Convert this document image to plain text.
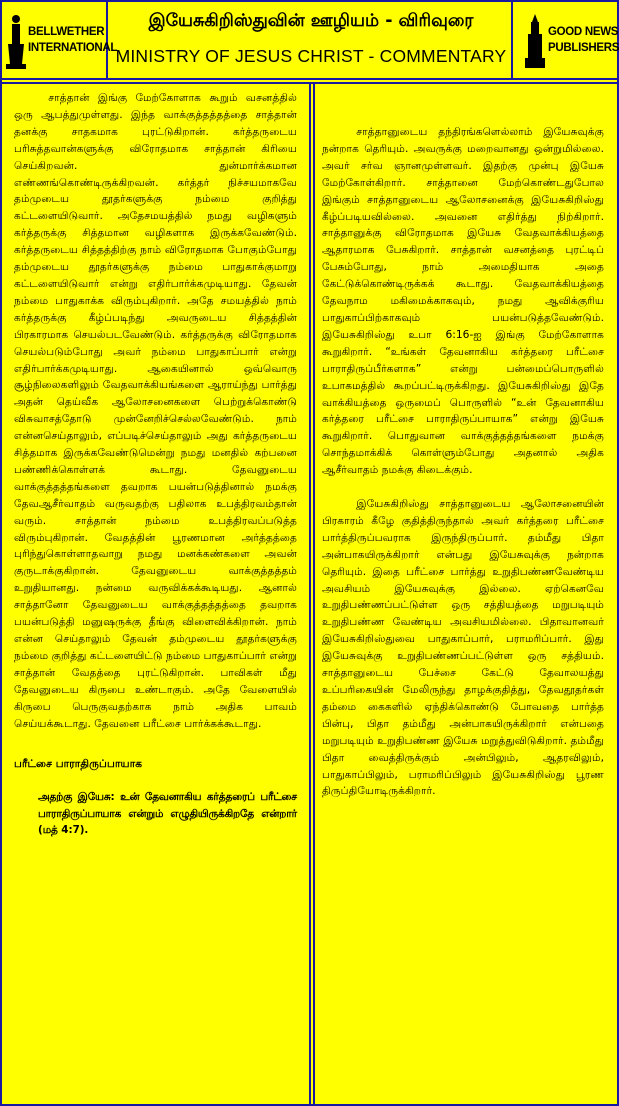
BELLWETHER
INTERNATIONAL
இயேசுகிறிஸ்துவின் ஊழியம் - விரிவுரை
MINISTRY OF JESUS CHRIST - COMMENTARY
GOOD NEWS
PUBLISHERS

சாத்தான் இங்கு மேற்கோளாக கூறும் வசனத்தில் ஒரு ஆபத்துமுள்ளது. இந்த வாக்குத்தத்தத்தை சாத்தான் தனக்கு சாதகமாக புரட்டுகிறான். கர்த்தருடைய பரிசுத்தவான்களுக்கு விரோதமாக சாத்தான் கிரியை செய்கிறவன். துன்மார்க்கமான எண்ணங்கொண்டிருக்கிறவன். கர்த்தர் நிச்சயமாகவே தம்முடைய தூதர்களுக்கு நம்மை குறித்து கட்டளையிடுவார். அதேசமயத்தில் நமது வழிகளும் கர்த்தருக்கு சித்தமான வழிகளாக இருக்கவேண்டும். கர்த்தருடைய சித்தத்திற்கு நாம் விரோதமாக போகும்போது தம்முடைய தூதர்களுக்கு நம்மை பாதுகாக்குமாறு கட்டளையிடுவார் என்று எதிர்பார்க்கமுடியாது. தேவன் நம்மை பாதுகாக்க விரும்புகிறார். அதே சமயத்தில் நாம் கர்த்தருக்கு கீழ்ப்படிந்து அவருடைய சித்தத்தின் பிரகாரமாக செயல்படவேண்டும். கர்த்தருக்கு விரோதமாக செயல்படும்போது அவர் நம்மை பாதுகாப்பார் என்று எதிர்பார்க்கமுடியாது. ஆகையினால் ஒவ்வொரு சூழ்நிலைகளிலும் வேதவாக்கியங்களை ஆராய்ந்து பார்த்து அதன் தெய்வீக ஆலோசனைகளை பெற்றுக்கொண்டு விசுவாசத்தோடு முன்னேறிச்செல்லவேண்டும். நாம் என்னசெய்தாலும், எப்படிச்செய்தாலும் அது கர்த்தருடைய சித்தமாக இருக்கவேண்டுமென்று நமது மனதில் கற்பனை பண்ணிக்கொள்ளக் கூடாது. தேவனுடைய வாக்குத்தத்தங்களை தவறாக பயன்படுத்தினால் நமக்கு தேவஆசீர்வாதம் வருவதற்கு பதிலாக உபத்திரவம்தான் வரும். சாத்தான் நம்மை உபத்திரவப்படுத்த விரும்புகிறான். வேதத்தின் பூரணமான அர்த்தத்தை புரிந்துகொள்ளாதவாறு நமது மனக்கண்களை அவன் குருடாக்குகிறான். தேவனுடைய வாக்குத்தத்தம் உறுதியானது. நன்மை வருவிக்கக்கூடியது. ஆனால் சாத்தானோ தேவனுடைய வாக்குத்தத்தத்தை தவறாக பயன்படுத்தி மனுஷருக்கு தீங்கு விளைவிக்கிறான். நாம் என்ன செய்தாலும் தேவன் தம்முடைய தூதர்களுக்கு நம்மை குறித்து கட்டளையிட்டு நம்மை பாதுகாப்பார் என்று சாத்தான் வேதத்தை புரட்டுகிறான். பாவிகள் மீது தேவனுடைய கிருபை உண்டாகும். அதே வேளையில் கிருபை பெருகுவதற்காக நாம் அதிக பாவம் செய்யக்கூடாது. தேவனை பரீட்சை பார்க்கக்கூடாது.

பரீட்சை பாராதிருப்பாயாக

அதற்கு இயேசு: உன் தேவனாகிய கர்த்தரைப் பரீட்சை பாராதிருப்பாயாக என்றும் எழுதியிருக்கிறதே என்றார் (மத் 4:7).

சாத்தானுடைய தந்திரங்களெல்லாம் இயேசுவுக்கு நன்றாக தெரியும். அவருக்கு மறைவானது ஒன்றுமில்லை. அவர் சர்வ ஞானமுள்ளவர். இதற்கு முன்பு இயேசு மேற்கோள்கிறார். சாத்தானை மேற்கொண்டதுபோல இங்கும் சாத்தானுடைய ஆலோசனைக்கு இயேசுகிறிஸ்து கீழ்ப்படியவில்லை. அவனை எதிர்த்து நிற்கிறார். சாத்தானுக்கு விரோதமாக இயேசு வேதவாக்கியத்தை ஆதாரமாக பேசுகிறார். சாத்தான் வசனத்தை புரட்டிப் பேசும்போது, நாம் அமைதியாக அதை கேட்டுக்கொண்டிருக்கக் கூடாது. வேதவாக்கியத்தை தேவநாம மகிமைக்காகவும், நமது ஆவிக்குரிய பாதுகாப்பிற்காகவும் பயன்படுத்தவேண்டும். இயேசுகிறிஸ்து உபா 6:16-ஐ இங்கு மேற்கோளாக கூறுகிறார். “உங்கள் தேவனாகிய கர்த்தரை பரீட்சை பாராதிருப்பீர்களாக” என்று பன்மைப்பொருளில் உபாகமத்தில் கூறப்பட்டிருக்கிறது. இயேசுகிறிஸ்து இதே வாக்கியத்தை ஒருமைப் பொருளில் “உன் தேவனாகிய கர்த்தரை பரீட்சை பாராதிருப்பாயாக” என்று இயேசு கூறுகிறார். பொதுவான வாக்குத்தத்தங்களை நமக்கு சொந்தமாக்கிக் கொள்ளும்போது அதனால் அதிக ஆசீர்வாதம் நமக்கு கிடைக்கும்.

இயேசுகிறிஸ்து சாத்தானுடைய ஆலோசனையின் பிரகாரம் கீழே குதித்திருந்தால் அவர் கர்த்தரை பரீட்சை பார்த்திருப்பவராக இருந்திருப்பார். தம்மீது பிதா அன்பாகயிருக்கிறார் என்பது இயேசுவுக்கு நன்றாக தெரியும். இதை பரீட்சை பார்த்து உறுதிபண்ணவேண்டிய அவசியம் இயேசுவுக்கு இல்லை. ஏற்கெனவே உறுதிபண்ணப்பட்டுள்ள ஒரு சத்தியத்தை மறுபடியும் உறுதிபண்ண வேண்டிய அவசியமில்லை. பிதாவானவர் இயேசுகிறிஸ்துவை பாதுகாப்பார், பராமரிப்பார். இது இயேசுவுக்கு உறுதிபண்ணப்பட்டுள்ள ஒரு சத்தியம். சாத்தானுடைய பேச்சை கேட்டு தேவாலயத்து உப்பரிகையின் மேலிருந்து தாழக்குதித்து, தேவதூதர்கள் தம்மை கைகளில் ஏந்திக்கொண்டு போவதை பார்த்த பின்பு, பிதா தம்மீது அன்பாகயிருக்கிறார் என்பதை மறுபடியும் உறுதிபண்ண இயேசு மறுத்துவிடுகிறார். தம்மீது பிதா வைத்திருக்கும் அன்பிலும், ஆதரவிலும், பாதுகாப்பிலும், பராமரிப்பிலும் இயேசுகிறிஸ்து பூரண திருப்தியோடிருக்கிறார்.
